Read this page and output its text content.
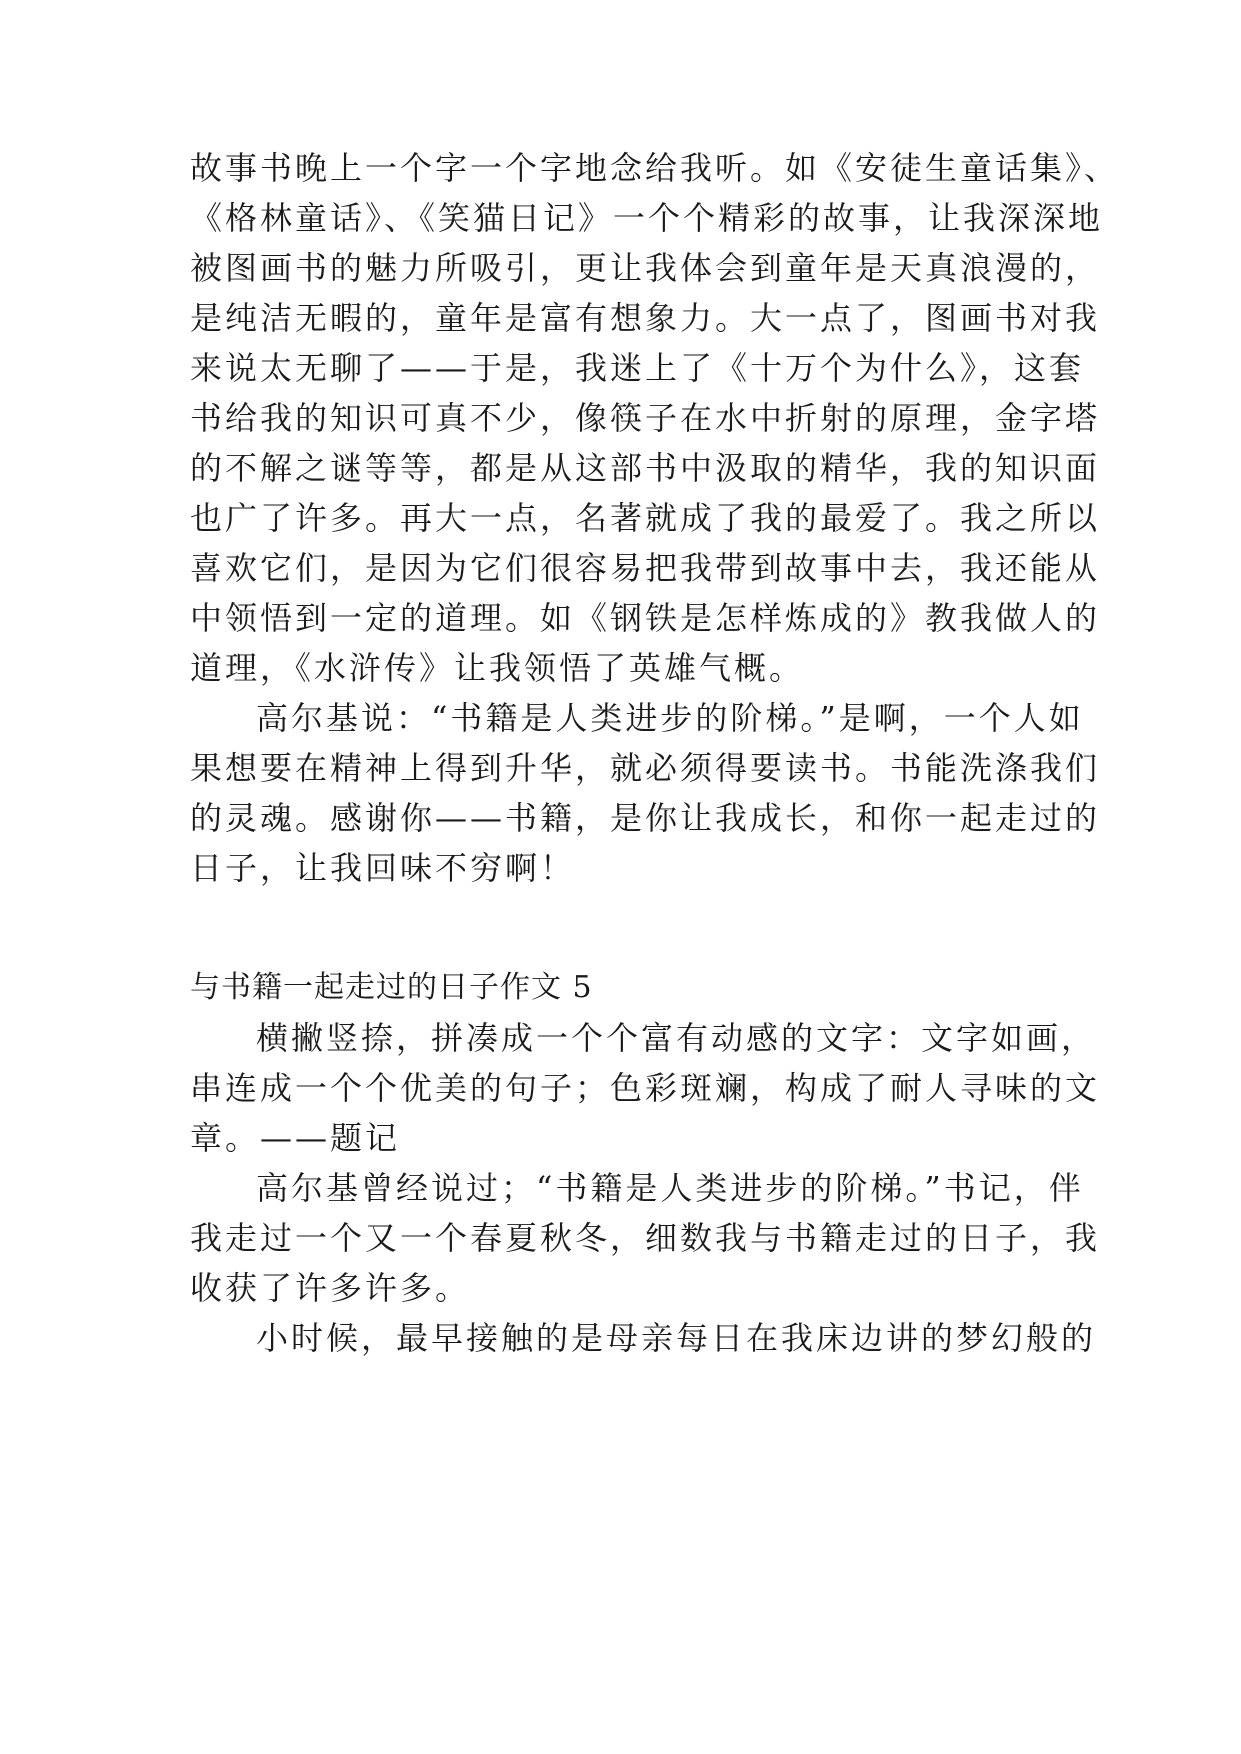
故事书晚上一个字一个字地念给我听。如《安徒生童话集》、
《格林童话》、《笑猫日记》一个个精彩的故事，让我深深地
被图画书的魅力所吸引，更让我体会到童年是天真浪漫的，
是纯洁无暇的，童年是富有想象力。大一点了，图画书对我
来说太无聊了——于是，我迷上了《十万个为什么》，这套
书给我的知识可真不少，像筷子在水中折射的原理，金字塔
的不解之谜等等，都是从这部书中汲取的精华，我的知识面
也广了许多。再大一点，名著就成了我的最爱了。我之所以
喜欢它们，是因为它们很容易把我带到故事中去，我还能从
中领悟到一定的道理。如《钢铁是怎样炼成的》教我做人的
道理，《水浒传》让我领悟了英雄气概。
高尔基说：“书籍是人类进步的阶梯。”是啊，一个人如
果想要在精神上得到升华，就必须得要读书。书能洗涤我们
的灵魂。感谢你——书籍，是你让我成长，和你一起走过的
日子，让我回味不穷啊！
与书籍一起走过的日子作文 5
横撇竖捺，拼凑成一个个富有动感的文字：文字如画，
串连成一个个优美的句子；色彩斑斓，构成了耐人寻味的文
章。——题记
高尔基曾经说过；“书籍是人类进步的阶梯。”书记，伴
我走过一个又一个春夏秋冬，细数我与书籍走过的日子，我
收获了许多许多。
小时候，最早接触的是母亲每日在我床边讲的梦幻般的
